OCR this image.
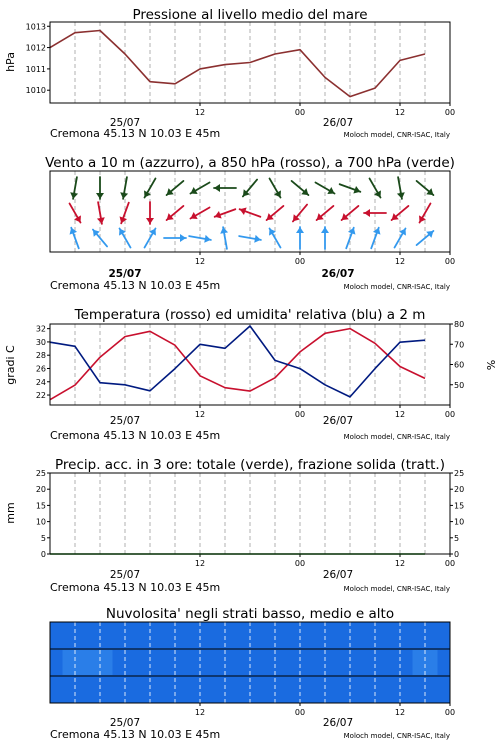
Pressione al livello medio del mare
1010
1011
1012
1013
12	00	12	00
hPa
25/07	26/07
Cremona 45.13 N 10.03 E 45m	Moloch model, CNR-ISAC, Italy
Vento a 10 m (azzurro), a 850 hPa (rosso), a 700 hPa (verde)
12	00	12	00
25/07	26/07
Cremona 45.13 N 10.03 E 45m	Moloch model, CNR-ISAC, Italy
Temperatura (rosso) ed umidita' relativa (blu) a 2 m
22
24
26
28
30
32
50
60
70
80
12	00	12	00
gradi C	%
25/07	26/07
Cremona 45.13 N 10.03 E 45m	Moloch model, CNR-ISAC, Italy
Precip. acc. in 3 ore: totale (verde), frazione solida (tratt.)
0
5
10
15
20
25
0
5
10
15
20
25
12	00	12	00
mm
25/07	26/07
Cremona 45.13 N 10.03 E 45m	Moloch model, CNR-ISAC, Italy
Nuvolosita' negli strati basso, medio e alto
12	00	12	00
25/07	26/07
Cremona 45.13 N 10.03 E 45m	Moloch model, CNR-ISAC, Italy
